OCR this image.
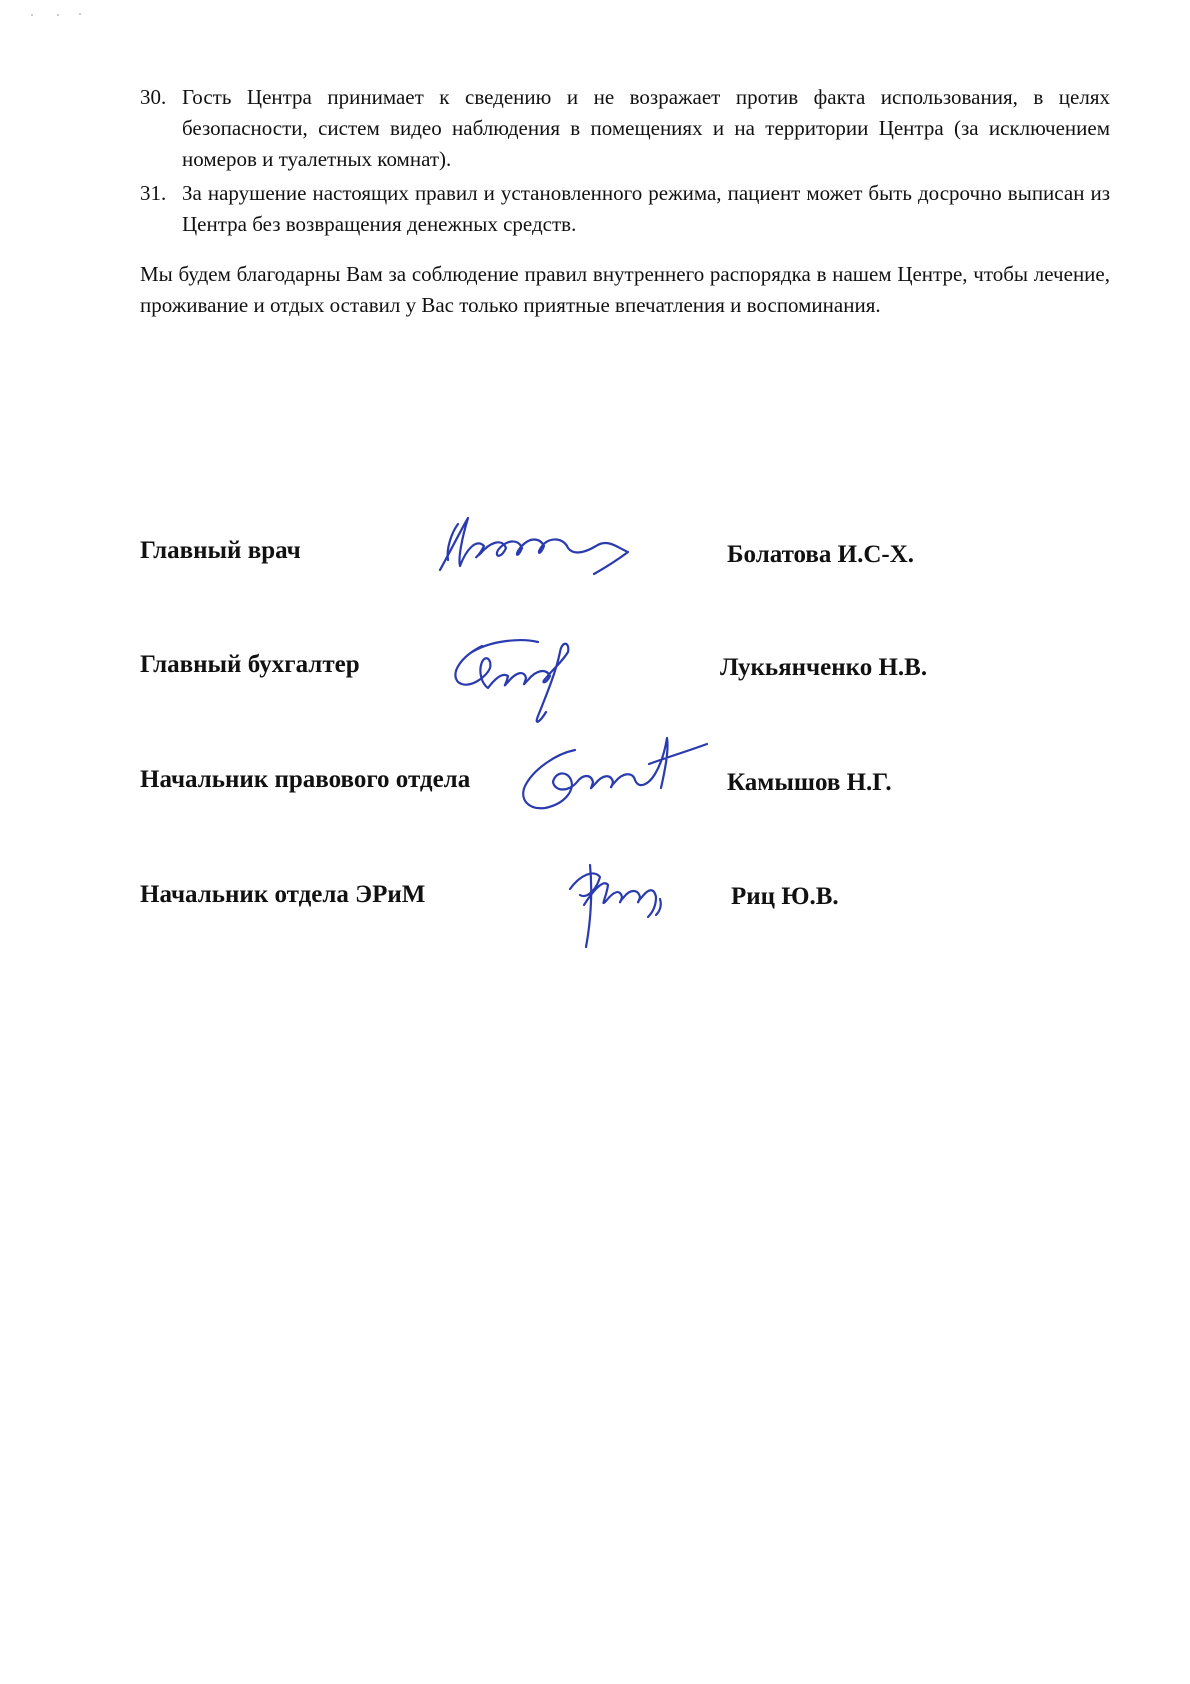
30. Гость Центра принимает к сведению и не возражает против факта использования, в целях безопасности, систем видео наблюдения в помещениях и на территории Центра (за исключением номеров и туалетных комнат).
31. За нарушение настоящих правил и установленного режима, пациент может быть досрочно выписан из Центра без возвращения денежных средств.

Мы будем благодарны Вам за соблюдение правил внутреннего распорядка в нашем Центре, чтобы лечение, проживание и отдых оставил у Вас только приятные впечатления и воспоминания.

Главный врач	Болатова И.С-Х.
Главный бухгалтер	Лукьянченко Н.В.
Начальник правового отдела	Камышов Н.Г.
Начальник отдела ЭРиМ	Риц Ю.В.
